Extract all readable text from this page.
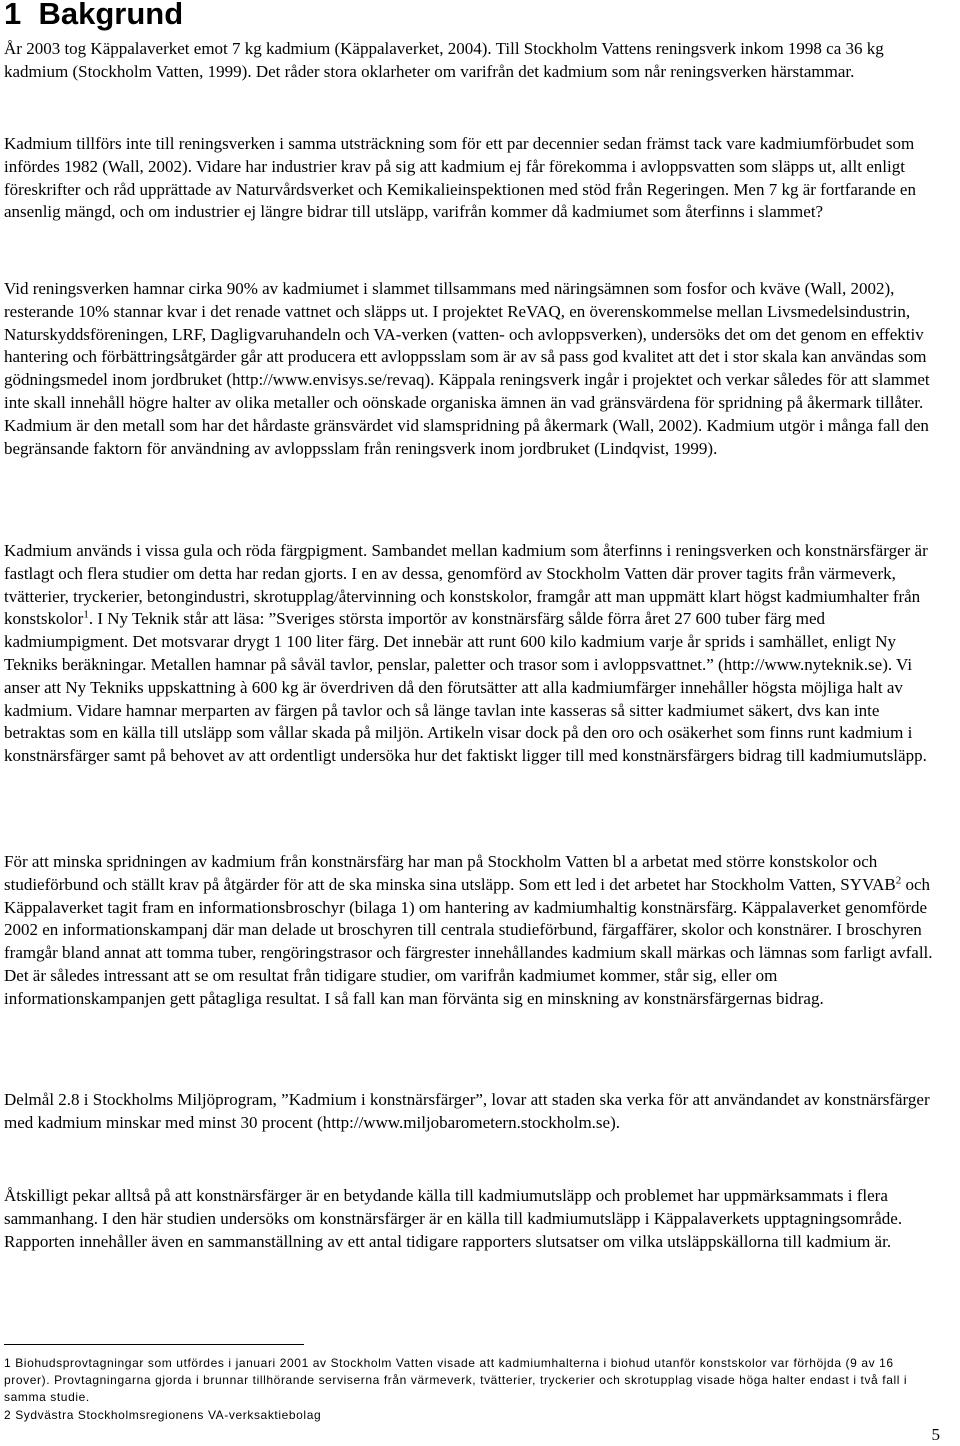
1 Bakgrund

År 2003 tog Käppalaverket emot 7 kg kadmium (Käppalaverket, 2004). Till Stockholm Vattens reningsverk inkom 1998 ca 36 kg kadmium (Stockholm Vatten, 1999). Det råder stora oklarheter om varifrån det kadmium som når reningsverken härstammar.

Kadmium tillförs inte till reningsverken i samma utsträckning som för ett par decennier sedan främst tack vare kadmiumförbudet som infördes 1982 (Wall, 2002). Vidare har industrier krav på sig att kadmium ej får förekomma i avloppsvatten som släpps ut, allt enligt föreskrifter och råd upprättade av Naturvårdsverket och Kemikalieinspektionen med stöd från Regeringen. Men 7 kg är fortfarande en ansenlig mängd, och om industrier ej längre bidrar till utsläpp, varifrån kommer då kadmiumet som återfinns i slammet?

Vid reningsverken hamnar cirka 90% av kadmiumet i slammet tillsammans med näringsämnen som fosfor och kväve (Wall, 2002), resterande 10% stannar kvar i det renade vattnet och släpps ut. I projektet ReVAQ, en överenskommelse mellan Livsmedelsindustrin, Naturskyddsföreningen, LRF, Dagligvaruhandeln och VA-verken (vatten- och avloppsverken), undersöks det om det genom en effektiv hantering och förbättringsåtgärder går att producera ett avloppsslam som är av så pass god kvalitet att det i stor skala kan användas som gödningsmedel inom jordbruket (http://www.envisys.se/revaq). Käppala reningsverk ingår i projektet och verkar således för att slammet inte skall innehåll högre halter av olika metaller och oönskade organiska ämnen än vad gränsvärdena för spridning på åkermark tillåter. Kadmium är den metall som har det hårdaste gränsvärdet vid slamspridning på åkermark (Wall, 2002). Kadmium utgör i många fall den begränsande faktorn för användning av avloppsslam från reningsverk inom jordbruket (Lindqvist, 1999).

Kadmium används i vissa gula och röda färgpigment. Sambandet mellan kadmium som återfinns i reningsverken och konstnärsfärger är fastlagt och flera studier om detta har redan gjorts. I en av dessa, genomförd av Stockholm Vatten där prover tagits från värmeverk, tvätterier, tryckerier, betongindustri, skrotupplag/återvinning och konstskolor, framgår att man uppmätt klart högst kadmiumhalter från konstskolor$^1$. I Ny Teknik står att läsa: ”Sveriges största importör av konstnärsfärg sålde förra året 27 600 tuber färg med kadmiumpigment. Det motsvarar drygt 1 100 liter färg. Det innebär att runt 600 kilo kadmium varje år sprids i samhället, enligt Ny Tekniks beräkningar. Metallen hamnar på såväl tavlor, penslar, paletter och trasor som i avloppsvattnet.” (http://www.nyteknik.se). Vi anser att Ny Tekniks uppskattning à 600 kg är överdriven då den förutsätter att alla kadmiumfärger innehåller högsta möjliga halt av kadmium. Vidare hamnar merparten av färgen på tavlor och så länge tavlan inte kasseras så sitter kadmiumet säkert, dvs kan inte betraktas som en källa till utsläpp som vållar skada på miljön. Artikeln visar dock på den oro och osäkerhet som finns runt kadmium i konstnärsfärger samt på behovet av att ordentligt undersöka hur det faktiskt ligger till med konstnärsfärgers bidrag till kadmiumutsläpp.

För att minska spridningen av kadmium från konstnärsfärg har man på Stockholm Vatten bl a arbetat med större konstskolor och studieförbund och ställt krav på åtgärder för att de ska minska sina utsläpp. Som ett led i det arbetet har Stockholm Vatten, SYVAB$^2$ och Käppalaverket tagit fram en informationsbroschyr (bilaga 1) om hantering av kadmiumhaltig konstnärsfärg. Käppalaverket genomförde 2002 en informationskampanj där man delade ut broschyren till centrala studieförbund, färgaffärer, skolor och konstnärer. I broschyren framgår bland annat att tomma tuber, rengöringstrasor och färgrester innehållandes kadmium skall märkas och lämnas som farligt avfall. Det är således intressant att se om resultat från tidigare studier, om varifrån kadmiumet kommer, står sig, eller om informationskampanjen gett påtagliga resultat. I så fall kan man förvänta sig en minskning av konstnärsfärgernas bidrag.

Delmål 2.8 i Stockholms Miljöprogram, ”Kadmium i konstnärsfärger”, lovar att staden ska verka för att användandet av konstnärsfärger med kadmium minskar med minst 30 procent (http://www.miljobarometern.stockholm.se).

Åtskilligt pekar alltså på att konstnärsfärger är en betydande källa till kadmiumutsläpp och problemet har uppmärksammats i flera sammanhang. I den här studien undersöks om konstnärsfärger är en källa till kadmiumutsläpp i Käppalaverkets upptagningsområde. Rapporten innehåller även en sammanställning av ett antal tidigare rapporters slutsatser om vilka utsläppskällorna till kadmium är.

1 Biohudsprovtagningar som utfördes i januari 2001 av Stockholm Vatten visade att kadmiumhalterna i biohud utanför konstskolor var förhöjda (9 av 16 prover). Provtagningarna gjorda i brunnar tillhörande serviserna från värmeverk, tvätterier, tryckerier och skrotupplag visade höga halter endast i två fall i samma studie.

2 Sydvästra Stockholmsregionens VA-verksaktiebolag

5
